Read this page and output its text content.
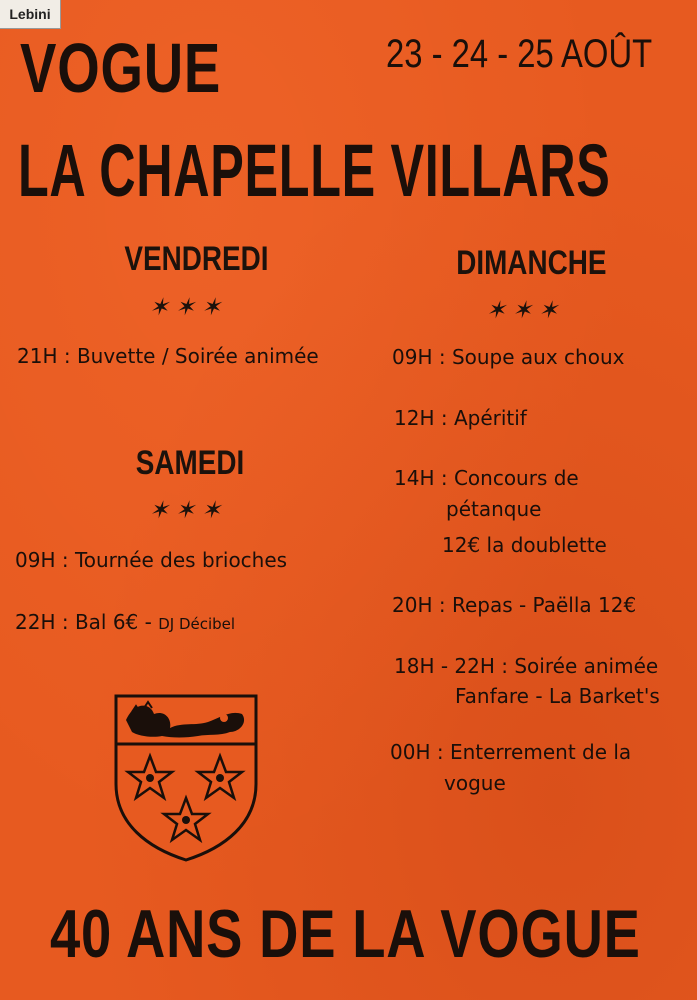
Lebini
VOGUE	23 - 24 - 25 AOÛT
LA CHAPELLE VILLARS
VENDREDI
✶✶✶
21H : Buvette / Soirée animée
SAMEDI
✶✶✶
09H : Tournée des brioches
22H : Bal 6€ - DJ Décibel
DIMANCHE
✶✶✶
09H : Soupe aux choux
12H : Apéritif
14H : Concours de
pétanque
12€ la doublette
20H : Repas - Paëlla 12€
18H - 22H : Soirée animée
Fanfare - La Barket's
00H : Enterrement de la
vogue
40 ANS DE LA VOGUE
